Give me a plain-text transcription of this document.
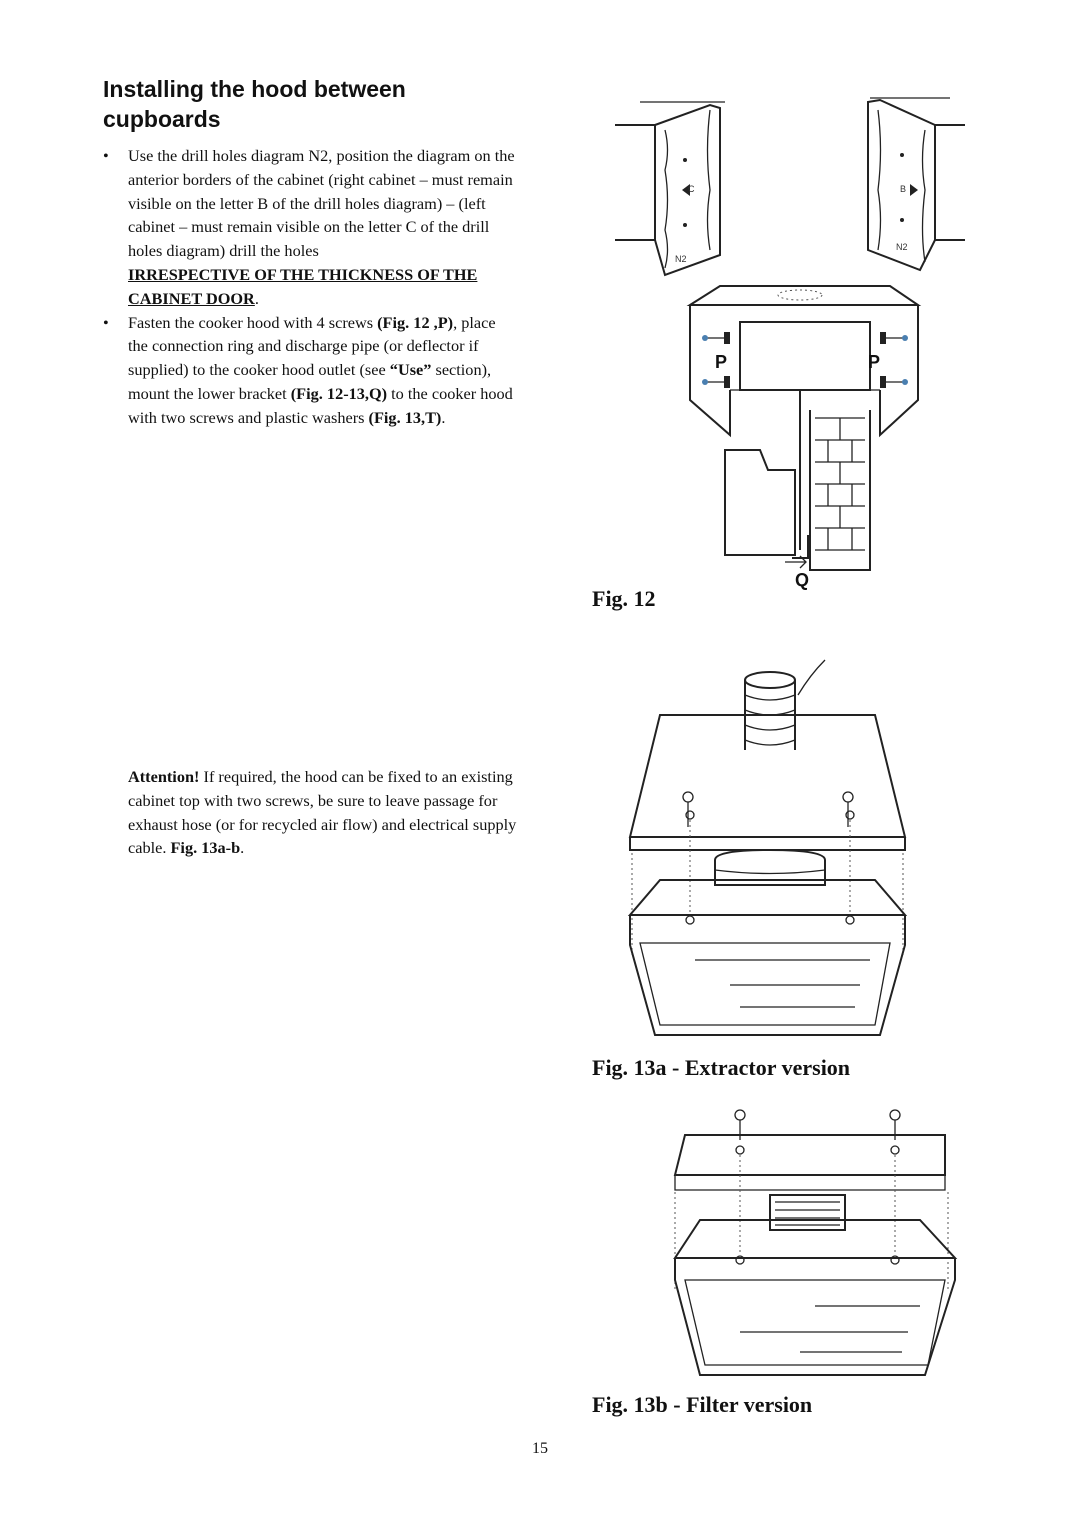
Installing the hood between cupboards

• Use the drill holes diagram N2, position the diagram on the anterior borders of the cabinet (right cabinet – must remain visible on the letter B of the drill holes diagram) – (left cabinet – must remain visible on the letter C of the drill holes diagram) drill the holes

IRRESPECTIVE OF THE THICKNESS OF THE CABINET DOOR.

• Fasten the cooker hood with 4 screws (Fig. 12 ,P), place the connection ring and discharge pipe (or deflector if supplied) to the cooker hood outlet (see “Use” section), mount the lower bracket (Fig. 12-13,Q) to the cooker hood with two screws and plastic washers (Fig. 13,T).

Attention! If required, the hood can be fixed to an existing cabinet top with two screws, be sure to leave passage for exhaust hose (or for recycled air flow) and electrical supply cable. Fig. 13a-b.
C
N2
B
N2
P	P
Q
Fig. 12
Fig. 13a - Extractor version
Fig. 13b - Filter version
15
